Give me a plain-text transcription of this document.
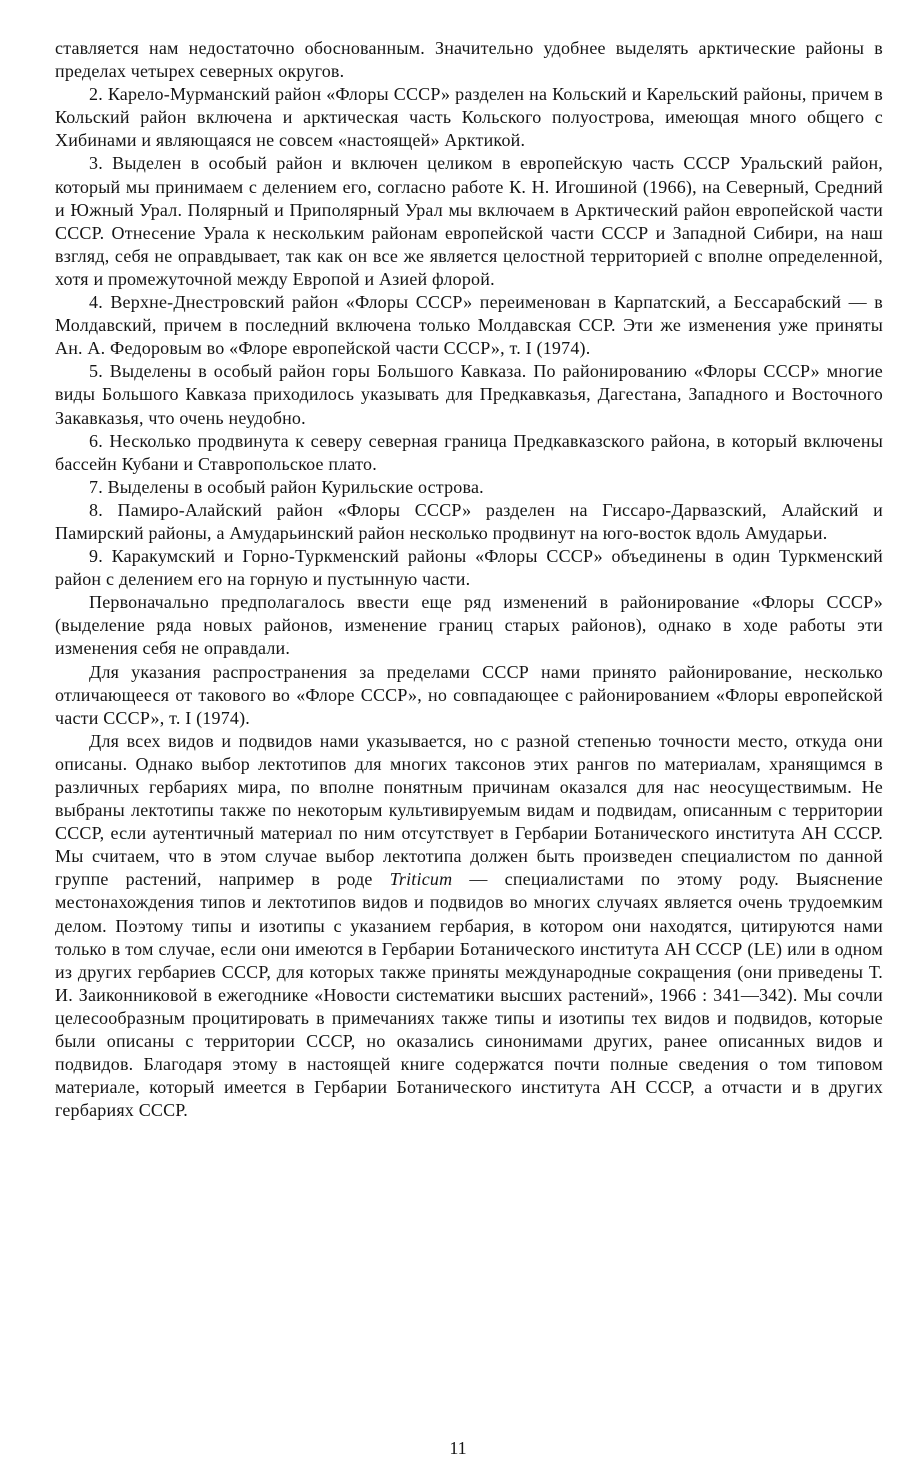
ставляется нам недостаточно обоснованным. Значительно удобнее выделять арктические районы в пределах четырех северных округов.

2. Карело-Мурманский район «Флоры СССР» разделен на Кольский и Карельский районы, причем в Кольский район включена и арктическая часть Кольского полуострова, имеющая много общего с Хибинами и являющаяся не совсем «настоящей» Арктикой.

3. Выделен в особый район и включен целиком в европейскую часть СССР Уральский район, который мы принимаем с делением его, согласно работе К. Н. Игошиной (1966), на Северный, Средний и Южный Урал. Полярный и Приполярный Урал мы включаем в Арктический район европейской части СССР. Отнесение Урала к нескольким районам европейской части СССР и Западной Сибири, на наш взгляд, себя не оправдывает, так как он все же является целостной территорией с вполне определенной, хотя и промежуточной между Европой и Азией флорой.

4. Верхне-Днестровский район «Флоры СССР» переименован в Карпатский, а Бессарабский — в Молдавский, причем в последний включена только Молдавская ССР. Эти же изменения уже приняты Ан. А. Федоровым во «Флоре европейской части СССР», т. I (1974).

5. Выделены в особый район горы Большого Кавказа. По районированию «Флоры СССР» многие виды Большого Кавказа приходилось указывать для Предкавказья, Дагестана, Западного и Восточного Закавказья, что очень неудобно.

6. Несколько продвинута к северу северная граница Предкавказского района, в который включены бассейн Кубани и Ставропольское плато.

7. Выделены в особый район Курильские острова.

8. Памиро-Алайский район «Флоры СССР» разделен на Гиссаро-Дарвазский, Алайский и Памирский районы, а Амударьинский район несколько продвинут на юго-восток вдоль Амударьи.

9. Каракумский и Горно-Туркменский районы «Флоры СССР» объединены в один Туркменский район с делением его на горную и пустынную части.

Первоначально предполагалось ввести еще ряд изменений в районирование «Флоры СССР» (выделение ряда новых районов, изменение границ старых районов), однако в ходе работы эти изменения себя не оправдали.

Для указания распространения за пределами СССР нами принято районирование, несколько отличающееся от такового во «Флоре СССР», но совпадающее с районированием «Флоры европейской части СССР», т. I (1974).

Для всех видов и подвидов нами указывается, но с разной степенью точности место, откуда они описаны. Однако выбор лектотипов для многих таксонов этих рангов по материалам, хранящимся в различных гербариях мира, по вполне понятным причинам оказался для нас неосуществимым. Не выбраны лектотипы также по некоторым культивируемым видам и подвидам, описанным с территории СССР, если аутентичный материал по ним отсутствует в Гербарии Ботанического института АН СССР. Мы считаем, что в этом случае выбор лектотипа должен быть произведен специалистом по данной группе растений, например в роде Triticum — специалистами по этому роду. Выяснение местонахождения типов и лектотипов видов и подвидов во многих случаях является очень трудоемким делом. Поэтому типы и изотипы с указанием гербария, в котором они находятся, цитируются нами только в том случае, если они имеются в Гербарии Ботанического института АН СССР (LE) или в одном из других гербариев СССР, для которых также приняты международные сокращения (они приведены Т. И. Заиконниковой в ежегоднике «Новости систематики высших растений», 1966 : 341—342). Мы сочли целесообразным процитировать в примечаниях также типы и изотипы тех видов и подвидов, которые были описаны с территории СССР, но оказались синонимами других, ранее описанных видов и подвидов. Благодаря этому в настоящей книге содержатся почти полные сведения о том типовом материале, который имеется в Гербарии Ботанического института АН СССР, а отчасти и в других гербариях СССР.

11
